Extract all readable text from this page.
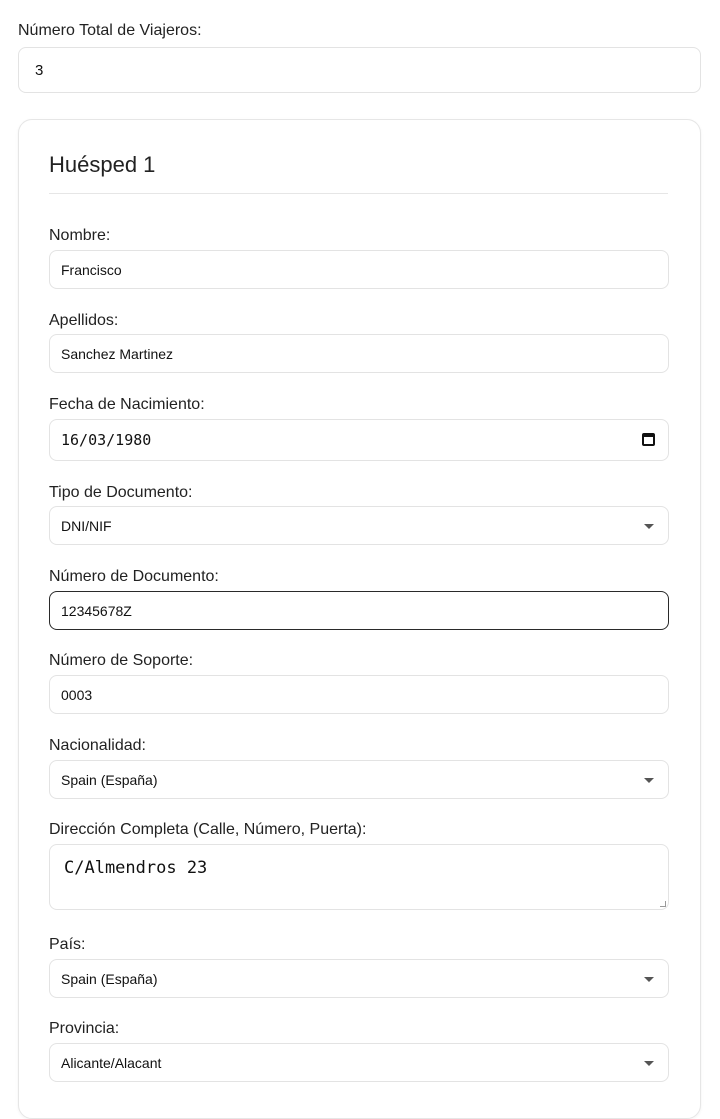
Número Total de Viajeros:
3
Huésped 1
Nombre:
Francisco
Apellidos:
Sanchez Martinez
Fecha de Nacimiento:
16/03/1980
Tipo de Documento:
DNI/NIF
Número de Documento:
12345678Z
Número de Soporte:
0003
Nacionalidad:
Spain (España)
Dirección Completa (Calle, Número, Puerta):
C/Almendros 23
País:
Spain (España)
Provincia:
Alicante/Alacant
